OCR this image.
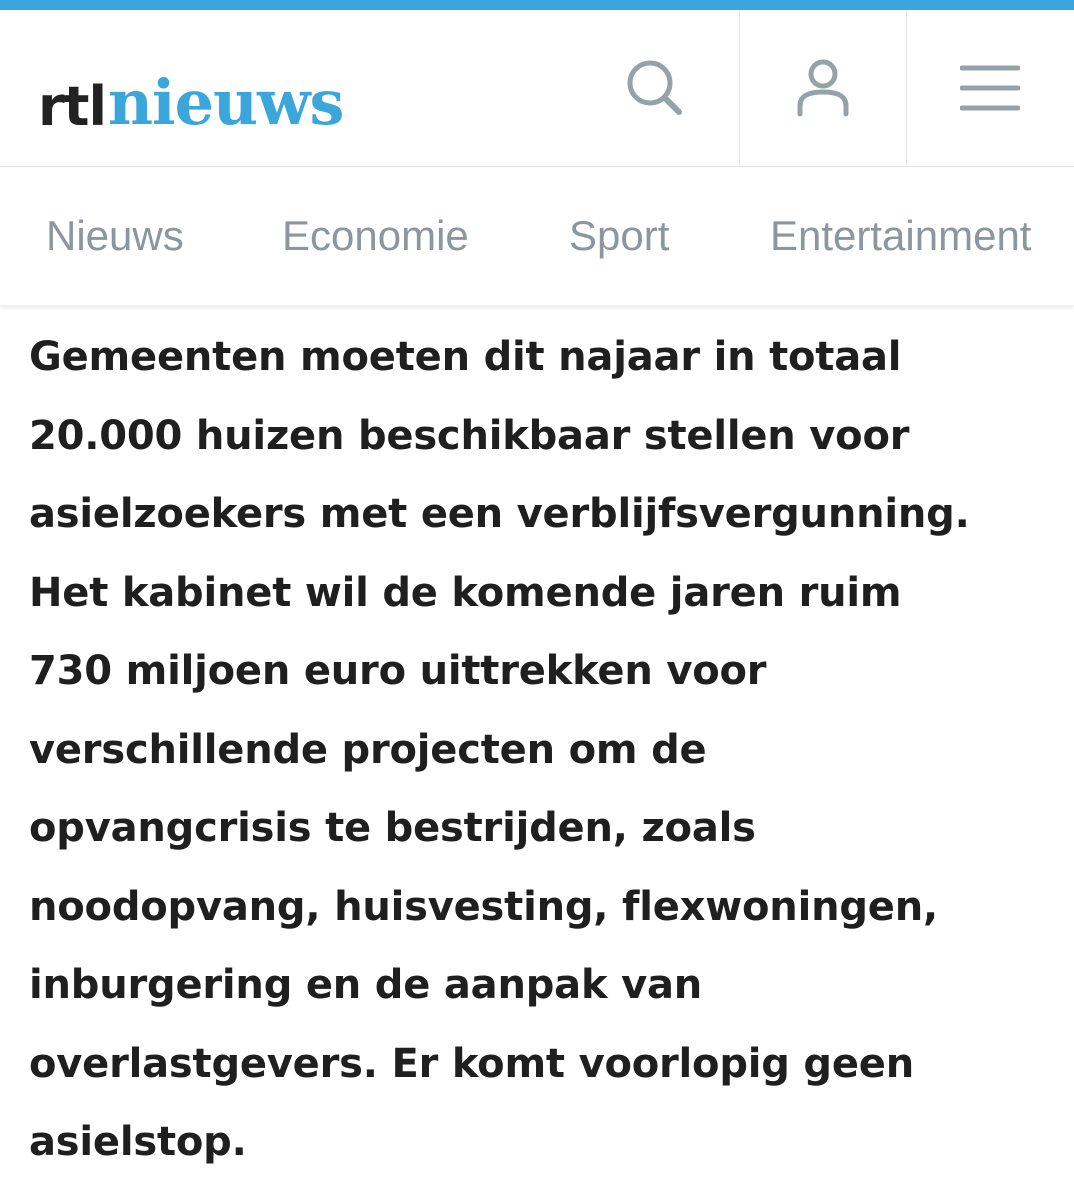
rtl nieuws
Nieuws Economie Sport Entertainment

Gemeenten moeten dit najaar in totaal
20.000 huizen beschikbaar stellen voor
asielzoekers met een verblijfsvergunning.
Het kabinet wil de komende jaren ruim
730 miljoen euro uittrekken voor
verschillende projecten om de
opvangcrisis te bestrijden, zoals
noodopvang, huisvesting, flexwoningen,
inburgering en de aanpak van
overlastgevers. Er komt voorlopig geen
asielstop.
